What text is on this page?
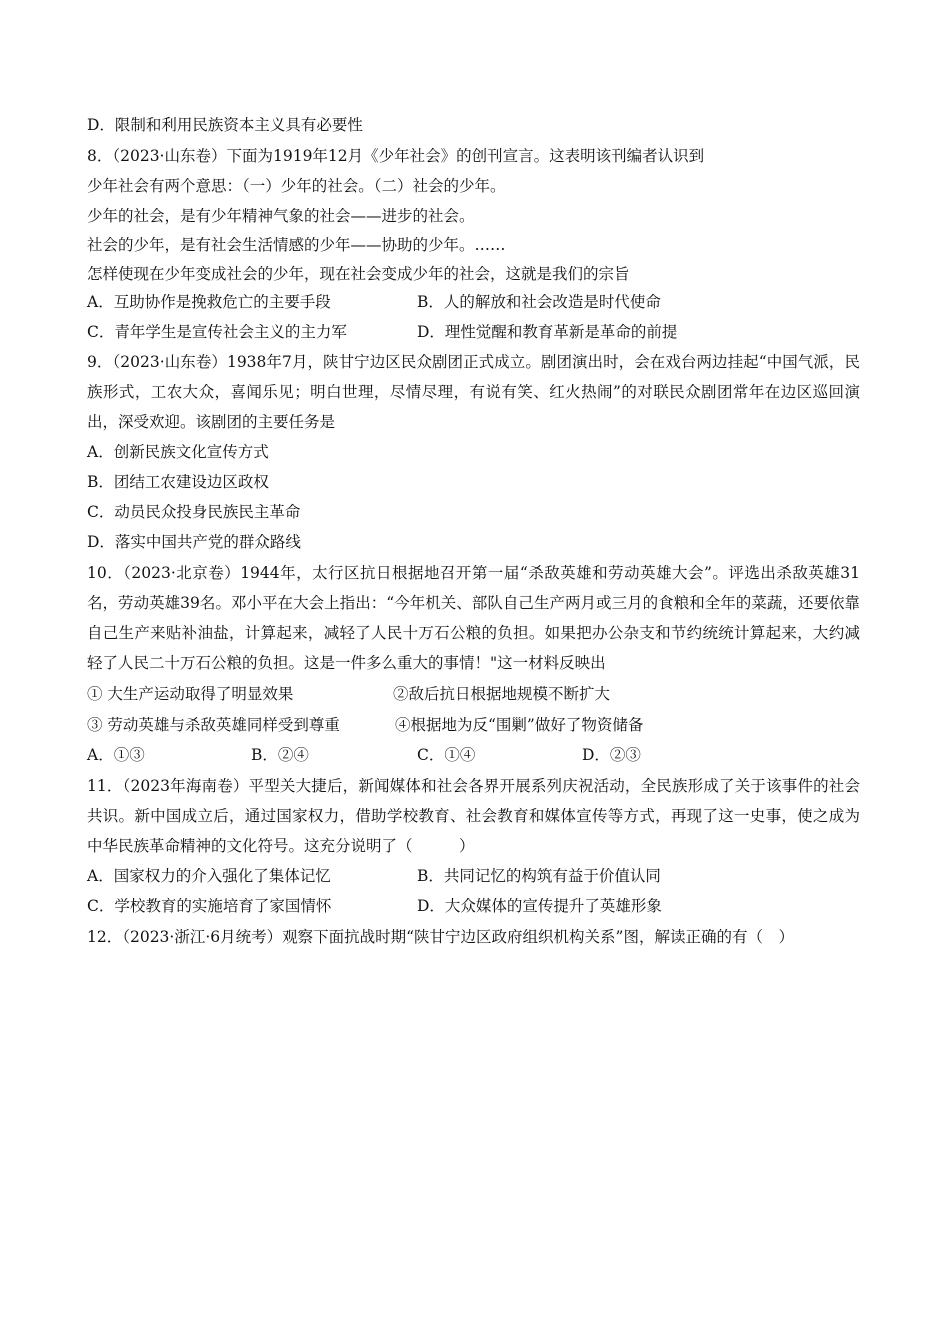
D．限制和利用民族资本主义具有必要性
8．（2023·山东卷）下面为1919年12月《少年社会》的创刊宣言。这表明该刊编者认识到
少年社会有两个意思：（一）少年的社会。（二）社会的少年。
少年的社会，是有少年精神气象的社会——进步的社会。
社会的少年，是有社会生活情感的少年——协助的少年。……
怎样使现在少年变成社会的少年，现在社会变成少年的社会，这就是我们的宗旨
A．互助协作是挽救危亡的主要手段	B．人的解放和社会改造是时代使命
C．青年学生是宣传社会主义的主力军	D．理性觉醒和教育革新是革命的前提
9．（2023·山东卷）1938年7月，陕甘宁边区民众剧团正式成立。剧团演出时，会在戏台两边挂起“中国气派，民族形式，工农大众，喜闻乐见；明白世理，尽情尽理，有说有笑、红火热闹”的对联民众剧团常年在边区巡回演出，深受欢迎。该剧团的主要任务是
A．创新民族文化宣传方式
B．团结工农建设边区政权
C．动员民众投身民族民主革命
D．落实中国共产党的群众路线
10．（2023·北京卷）1944年，太行区抗日根据地召开第一届“杀敌英雄和劳动英雄大会”。评选出杀敌英雄31名，劳动英雄39名。邓小平在大会上指出：“今年机关、部队自己生产两月或三月的食粮和全年的菜蔬，还要依靠自己生产来贴补油盐，计算起来，减轻了人民十万石公粮的负担。如果把办公杂支和节约统统计算起来，大约减轻了人民二十万石公粮的负担。这是一件多么重大的事情！"这一材料反映出
① 大生产运动取得了明显效果	②敌后抗日根据地规模不断扩大
③ 劳动英雄与杀敌英雄同样受到尊重	④根据地为反“围剿”做好了物资储备
A．①③	B．②④	C．①④	D．②③
11．（2023年海南卷）平型关大捷后，新闻媒体和社会各界开展系列庆祝活动，全民族形成了关于该事件的社会共识。新中国成立后，通过国家权力，借助学校教育、社会教育和媒体宣传等方式，再现了这一史事，使之成为中华民族革命精神的文化符号。这充分说明了（　　　）
A．国家权力的介入强化了集体记忆	B．共同记忆的构筑有益于价值认同
C．学校教育的实施培育了家国情怀	D．大众媒体的宣传提升了英雄形象
12．（2023·浙江·6月统考）观察下面抗战时期“陕甘宁边区政府组织机构关系”图，解读正确的有（　）
